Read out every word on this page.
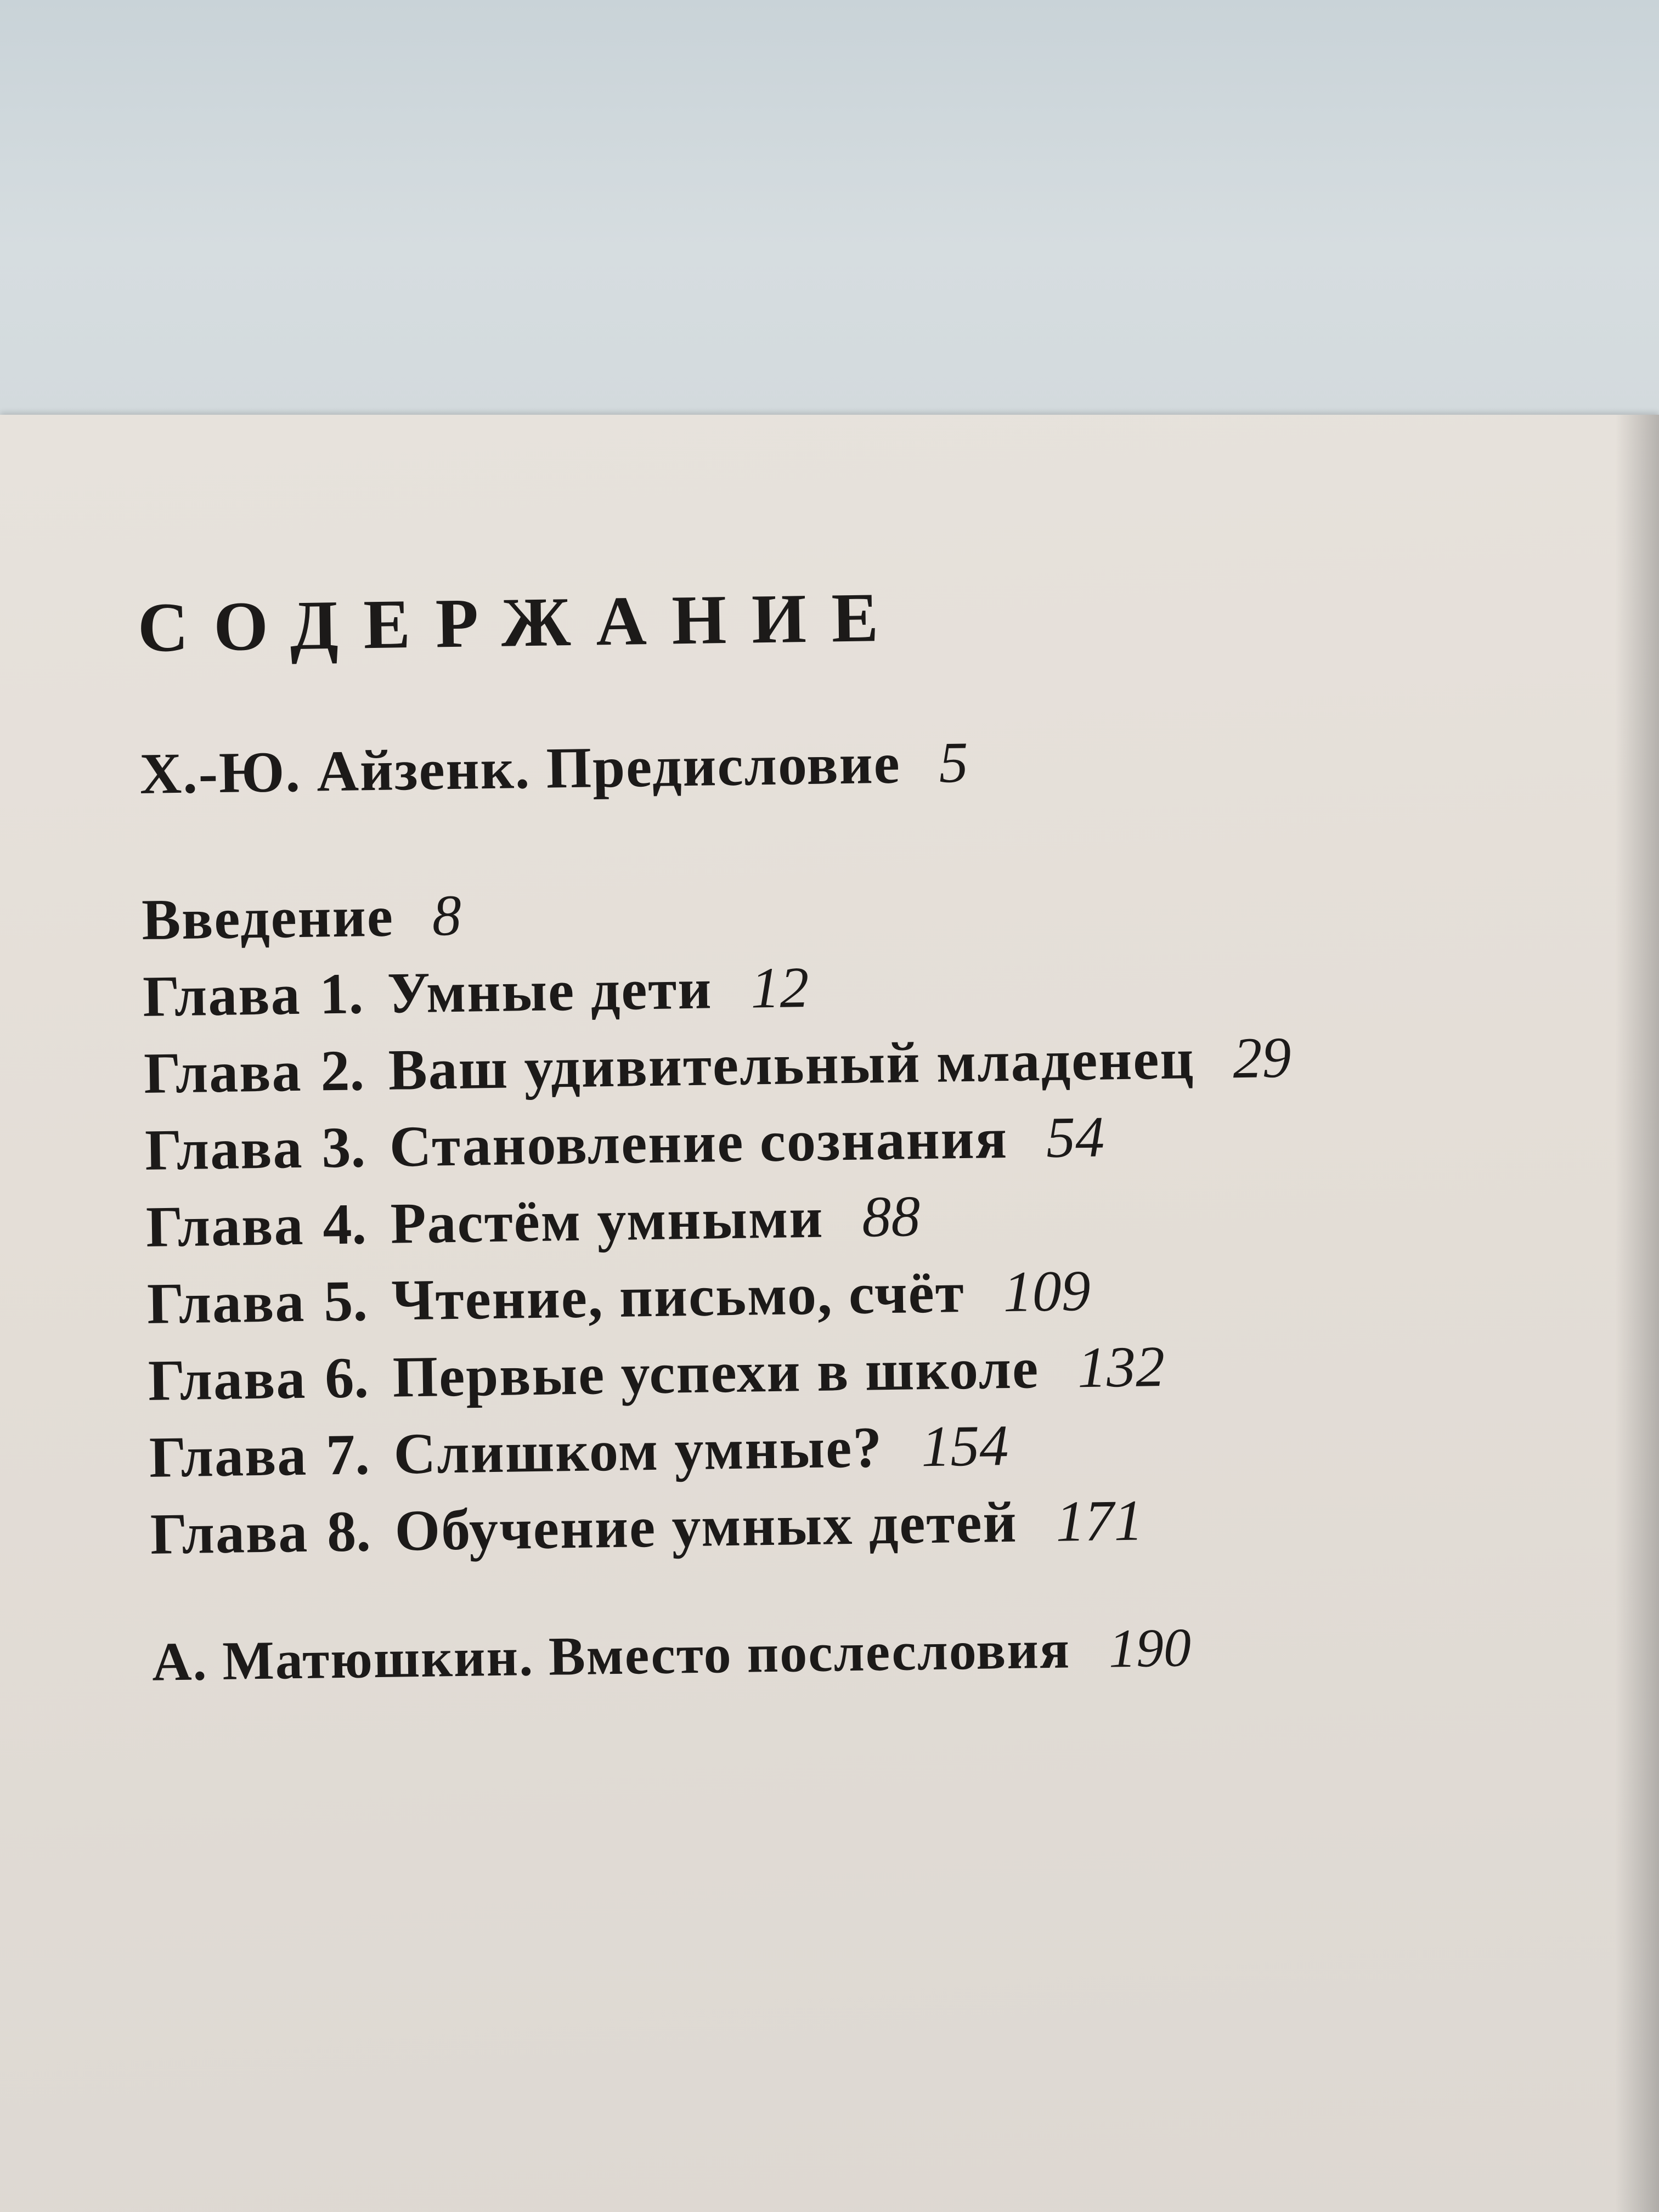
СОДЕРЖАНИЕ
Х.-Ю. Айзенк. Предисловие 5
Введение 8
Глава 1. Умные дети 12
Глава 2. Ваш удивительный младенец 29
Глава 3. Становление сознания 54
Глава 4. Растём умными 88
Глава 5. Чтение, письмо, счёт 109
Глава 6. Первые успехи в школе 132
Глава 7. Слишком умные? 154
Глава 8. Обучение умных детей 171
А. Матюшкин. Вместо послесловия 190
